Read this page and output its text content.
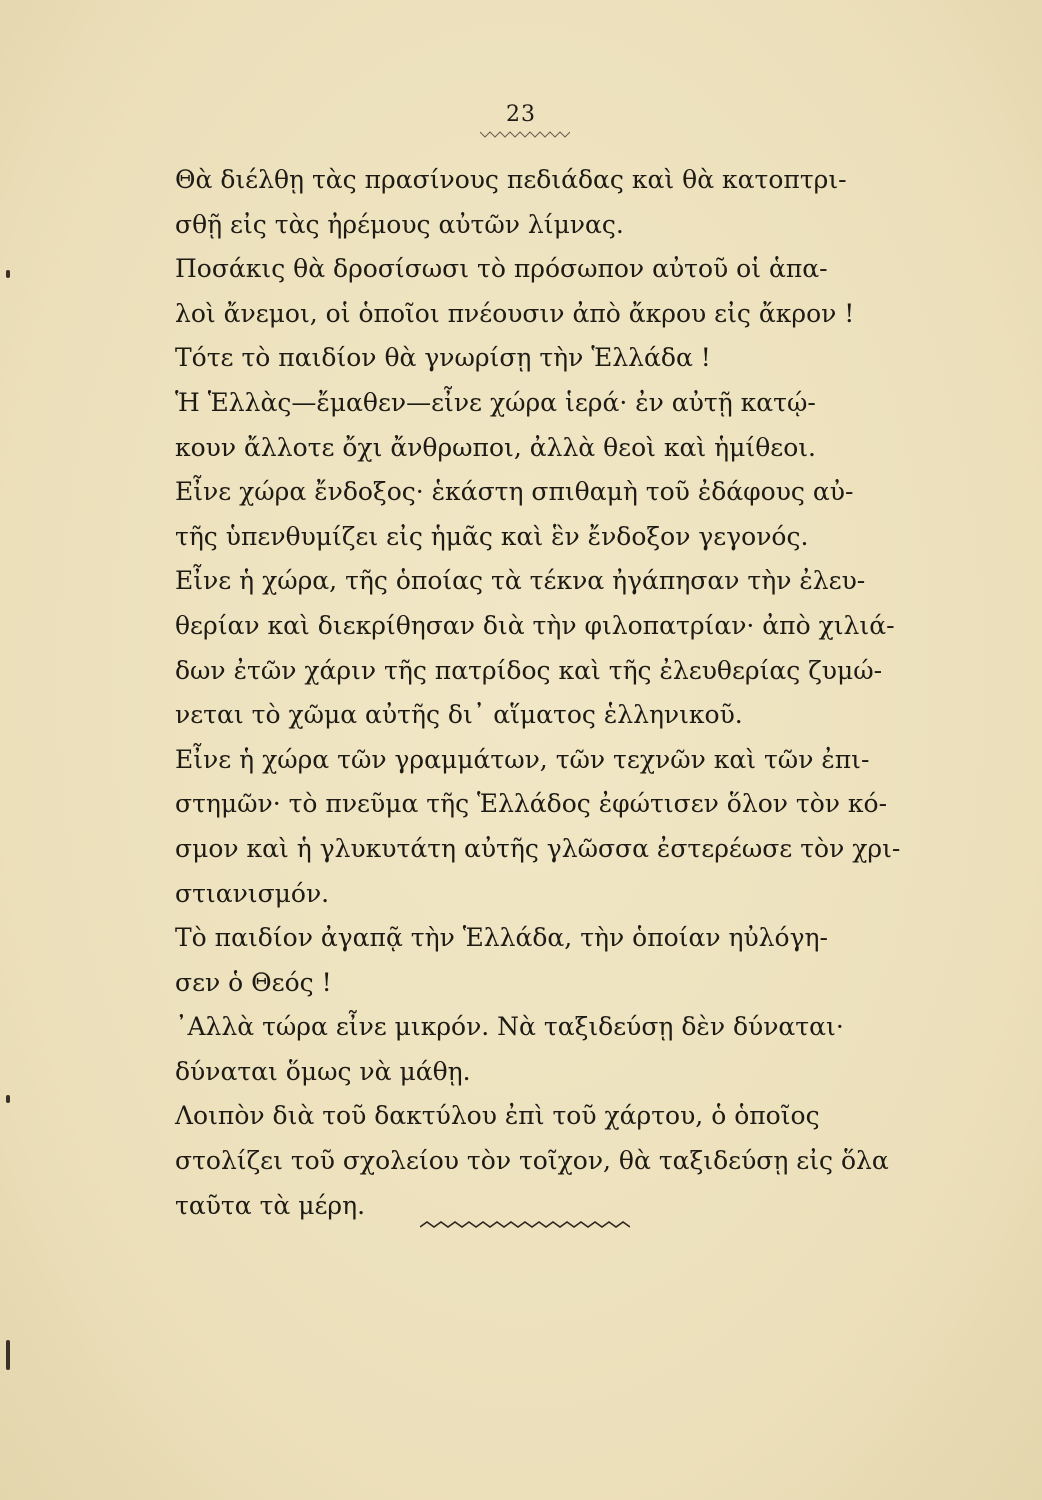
23
Θὰ διέλθῃ τὰς πρασίνους πεδιάδας καὶ θὰ κατοπτρι-
σθῇ εἰς τὰς ἠρέμους αὐτῶν λίμνας.
Ποσάκις θὰ δροσίσωσι τὸ πρόσωπον αὐτοῦ οἱ ἁπα-
λοὶ ἄνεμοι, οἱ ὁποῖοι πνέουσιν ἀπὸ ἄκρου εἰς ἄκρον !
Τότε τὸ παιδίον θὰ γνωρίσῃ τὴν Ἑλλάδα !
Ἡ Ἑλλὰς—ἔμαθεν—εἶνε χώρα ἱερά· ἐν αὐτῇ κατῴ-
κουν ἄλλοτε ὄχι ἄνθρωποι, ἀλλὰ θεοὶ καὶ ἡμίθεοι.
Εἶνε χώρα ἔνδοξος· ἑκάστη σπιθαμὴ τοῦ ἐδάφους αὐ-
τῆς ὑπενθυμίζει εἰς ἡμᾶς καὶ ἓν ἔνδοξον γεγονός.
Εἶνε ἡ χώρα, τῆς ὁποίας τὰ τέκνα ἠγάπησαν τὴν ἐλευ-
θερίαν καὶ διεκρίθησαν διὰ τὴν φιλοπατρίαν· ἀπὸ χιλιά-
δων ἐτῶν χάριν τῆς πατρίδος καὶ τῆς ἐλευθερίας ζυμώ-
νεται τὸ χῶμα αὐτῆς δι᾿ αἵματος ἑλληνικοῦ.
Εἶνε ἡ χώρα τῶν γραμμάτων, τῶν τεχνῶν καὶ τῶν ἐπι-
στημῶν· τὸ πνεῦμα τῆς Ἑλλάδος ἐφώτισεν ὅλον τὸν κό-
σμον καὶ ἡ γλυκυτάτη αὐτῆς γλῶσσα ἐστερέωσε τὸν χρι-
στιανισμόν.
Τὸ παιδίον ἀγαπᾷ τὴν Ἑλλάδα, τὴν ὁποίαν ηὐλόγη-
σεν ὁ Θεός !
᾿Αλλὰ τώρα εἶνε μικρόν. Νὰ ταξιδεύσῃ δὲν δύναται·
δύναται ὅμως νὰ μάθῃ.
Λοιπὸν διὰ τοῦ δακτύλου ἐπὶ τοῦ χάρτου, ὁ ὁποῖος
στολίζει τοῦ σχολείου τὸν τοῖχον, θὰ ταξιδεύσῃ εἰς ὅλα
ταῦτα τὰ μέρη.
